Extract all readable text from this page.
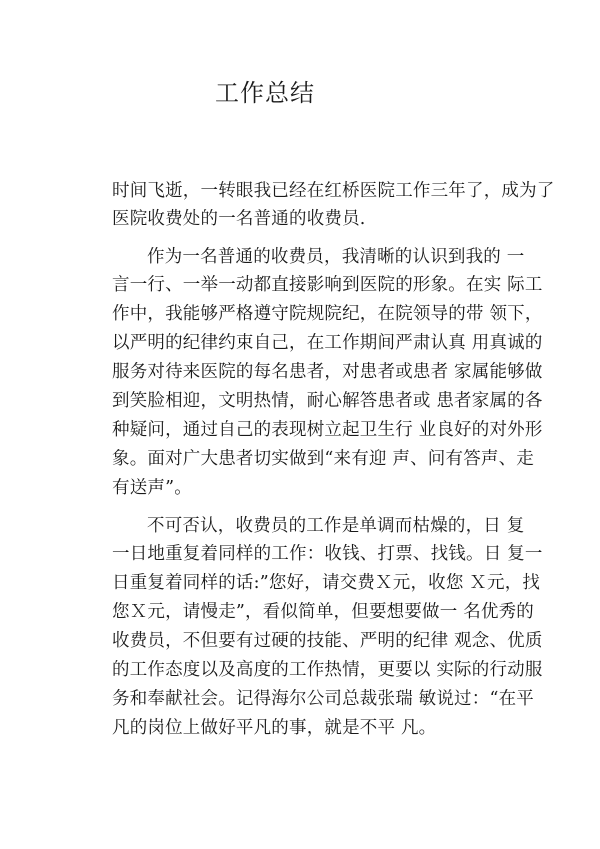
工作总结
时间飞逝，一转眼我已经在红桥医院工作三年了，成为了
医院收费处的一名普通的收费员.
作为一名普通的收费员，我清晰的认识到我的 一
言一行、一举一动都直接影响到医院的形象。在实 际工
作中，我能够严格遵守院规院纪，在院领导的带 领下，
以严明的纪律约束自己，在工作期间严肃认真 用真诚的
服务对待来医院的每名患者，对患者或患者 家属能够做
到笑脸相迎，文明热情，耐心解答患者或 患者家属的各
种疑问，通过自己的表现树立起卫生行 业良好的对外形
象。面对广大患者切实做到“来有迎 声、问有答声、走
有送声”。
不可否认，收费员的工作是单调而枯燥的，日 复
一日地重复着同样的工作：收钱、打票、找钱。日 复一
日重复着同样的话:”您好，请交费Ｘ元，收您 Ｘ元，找
您Ｘ元，请慢走”，看似简单，但要想要做一 名优秀的
收费员，不但要有过硬的技能、严明的纪律 观念、优质
的工作态度以及高度的工作热情，更要以 实际的行动服
务和奉献社会。记得海尔公司总裁张瑞 敏说过：“在平
凡的岗位上做好平凡的事，就是不平 凡。
